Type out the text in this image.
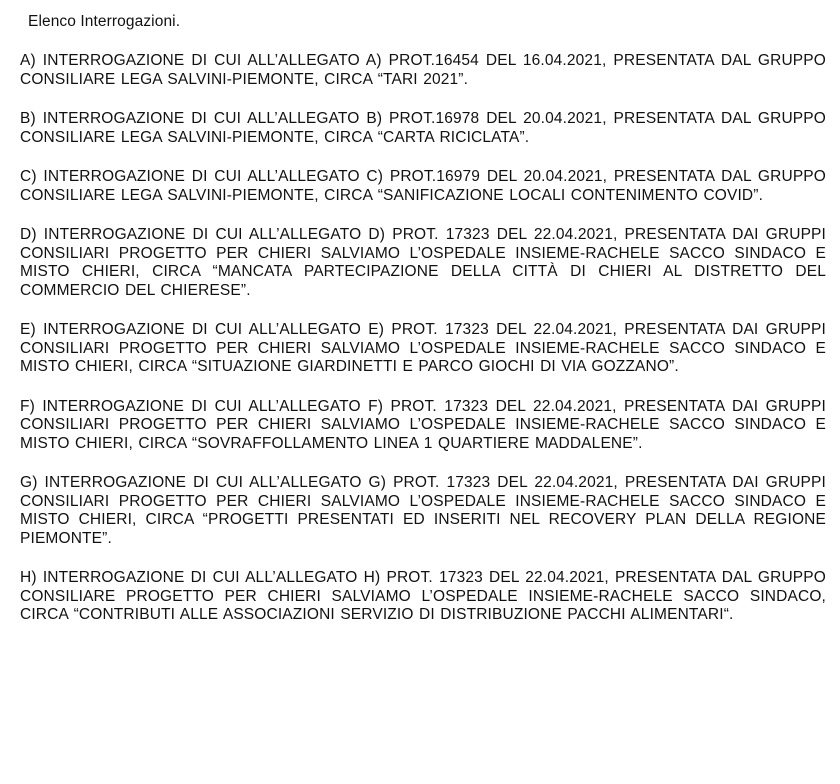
Elenco Interrogazioni.

A) INTERROGAZIONE DI CUI ALL’ALLEGATO A) PROT.16454 DEL 16.04.2021, PRESENTATA DAL GRUPPO CONSILIARE LEGA SALVINI-PIEMONTE, CIRCA “TARI 2021”.

B) INTERROGAZIONE DI CUI ALL’ALLEGATO B) PROT.16978 DEL 20.04.2021, PRESENTATA DAL GRUPPO CONSILIARE LEGA SALVINI-PIEMONTE, CIRCA “CARTA RICICLATA”.

C) INTERROGAZIONE DI CUI ALL’ALLEGATO C) PROT.16979 DEL 20.04.2021, PRESENTATA DAL GRUPPO CONSILIARE LEGA SALVINI-PIEMONTE, CIRCA “SANIFICAZIONE LOCALI CONTENIMENTO COVID”.

D) INTERROGAZIONE DI CUI ALL’ALLEGATO D) PROT. 17323 DEL 22.04.2021, PRESENTATA DAI GRUPPI CONSILIARI PROGETTO PER CHIERI SALVIAMO L’OSPEDALE INSIEME-RACHELE SACCO SINDACO E MISTO CHIERI, CIRCA “MANCATA PARTECIPAZIONE DELLA CITTÀ DI CHIERI AL DISTRETTO DEL COMMERCIO DEL CHIERESE”.

E) INTERROGAZIONE DI CUI ALL’ALLEGATO E) PROT. 17323 DEL 22.04.2021, PRESENTATA DAI GRUPPI CONSILIARI PROGETTO PER CHIERI SALVIAMO L’OSPEDALE INSIEME-RACHELE SACCO SINDACO E MISTO CHIERI, CIRCA “SITUAZIONE GIARDINETTI E PARCO GIOCHI DI VIA GOZZANO”.

F) INTERROGAZIONE DI CUI ALL’ALLEGATO F) PROT. 17323 DEL 22.04.2021, PRESENTATA DAI GRUPPI CONSILIARI PROGETTO PER CHIERI SALVIAMO L’OSPEDALE INSIEME-RACHELE SACCO SINDACO E MISTO CHIERI, CIRCA “SOVRAFFOLLAMENTO LINEA 1 QUARTIERE MADDALENE”.

G) INTERROGAZIONE DI CUI ALL’ALLEGATO G) PROT. 17323 DEL 22.04.2021, PRESENTATA DAI GRUPPI CONSILIARI PROGETTO PER CHIERI SALVIAMO L’OSPEDALE INSIEME-RACHELE SACCO SINDACO E MISTO CHIERI, CIRCA “PROGETTI PRESENTATI ED INSERITI NEL RECOVERY PLAN DELLA REGIONE PIEMONTE”.

H) INTERROGAZIONE DI CUI ALL’ALLEGATO H) PROT. 17323 DEL 22.04.2021, PRESENTATA DAL GRUPPO CONSILIARE PROGETTO PER CHIERI SALVIAMO L’OSPEDALE INSIEME-RACHELE SACCO SINDACO, CIRCA “CONTRIBUTI ALLE ASSOCIAZIONI SERVIZIO DI DISTRIBUZIONE PACCHI ALIMENTARI“.
